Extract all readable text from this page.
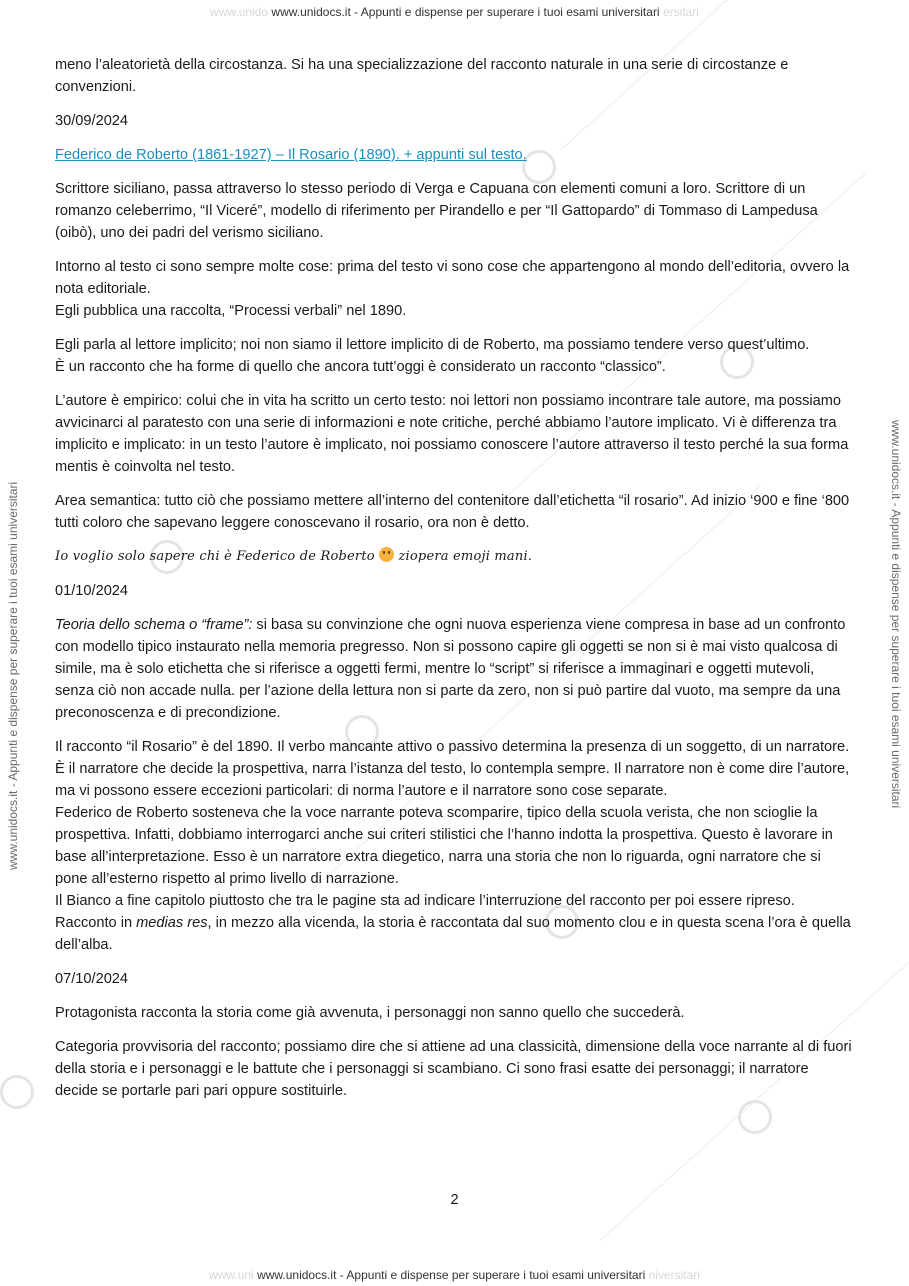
www.unido www.unidocs.it - Appunti e dispense per superare i tuoi esami universitari ersitari
www.unidocs.it - Appunti e dispense per superare i tuoi esami universitari	www.unidocs.it - Appunti e dispense per superare i tuoi esami universitari

meno l’aleatorietà della circostanza. Si ha una specializzazione del racconto naturale in una serie di circostanze e convenzioni.

30/09/2024

Federico de Roberto (1861-1927) – Il Rosario (1890). + appunti sul testo.

Scrittore siciliano, passa attraverso lo stesso periodo di Verga e Capuana con elementi comuni a loro. Scrittore di un romanzo celeberrimo, “Il Viceré”, modello di riferimento per Pirandello e per “Il Gattopardo” di Tommaso di Lampedusa (oibò), uno dei padri del verismo siciliano.

Intorno al testo ci sono sempre molte cose: prima del testo vi sono cose che appartengono al mondo dell’editoria, ovvero la nota editoriale.
Egli pubblica una raccolta, “Processi verbali” nel 1890.

Egli parla al lettore implicito; noi non siamo il lettore implicito di de Roberto, ma possiamo tendere verso quest’ultimo.
È un racconto che ha forme di quello che ancora tutt’oggi è considerato un racconto “classico”.

L’autore è empirico: colui che in vita ha scritto un certo testo: noi lettori non possiamo incontrare tale autore, ma possiamo avvicinarci al paratesto con una serie di informazioni e note critiche, perché abbiamo l’autore implicato. Vi è differenza tra implicito e implicato: in un testo l’autore è implicato, noi possiamo conoscere l’autore attraverso il testo perché la sua forma mentis è coinvolta nel testo.

Area semantica: tutto ciò che possiamo mettere all’interno del contenitore dall’etichetta “il rosario”. Ad inizio ‘900 e fine ‘800 tutti coloro che sapevano leggere conoscevano il rosario, ora non è detto.

Io voglio solo sapere chi è Federico de Roberto ziopera emoji mani.

01/10/2024

Teoria dello schema o “frame”: si basa su convinzione che ogni nuova esperienza viene compresa in base ad un confronto con modello tipico instaurato nella memoria pregresso. Non si possono capire gli oggetti se non si è mai visto qualcosa di simile, ma è solo etichetta che si riferisce a oggetti fermi, mentre lo “script” si riferisce a immaginari e oggetti mutevoli, senza ciò non accade nulla. per l’azione della lettura non si parte da zero, non si può partire dal vuoto, ma sempre da una preconoscenza e di precondizione.

Il racconto “il Rosario” è del 1890. Il verbo mancante attivo o passivo determina la presenza di un soggetto, di un narratore. È il narratore che decide la prospettiva, narra l’istanza del testo, lo contempla sempre. Il narratore non è come dire l’autore, ma vi possono essere eccezioni particolari: di norma l’autore e il narratore sono cose separate.
Federico de Roberto sosteneva che la voce narrante poteva scomparire, tipico della scuola verista, che non scioglie la prospettiva. Infatti, dobbiamo interrogarci anche sui criteri stilistici che l’hanno indotta la prospettiva. Questo è lavorare in base all’interpretazione. Esso è un narratore extra diegetico, narra una storia che non lo riguarda, ogni narratore che si pone all’esterno rispetto al primo livello di narrazione.
Il Bianco a fine capitolo piuttosto che tra le pagine sta ad indicare l’interruzione del racconto per poi essere ripreso.
Racconto in medias res, in mezzo alla vicenda, la storia è raccontata dal suo momento clou e in questa scena l’ora è quella dell’alba.

07/10/2024

Protagonista racconta la storia come già avvenuta, i personaggi non sanno quello che succederà.

Categoria provvisoria del racconto; possiamo dire che si attiene ad una classicità, dimensione della voce narrante al di fuori della storia e i personaggi e le battute che i personaggi si scambiano. Ci sono frasi esatte dei personaggi; il narratore decide se portarle pari pari oppure sostituirle.

2
www.uni www.unidocs.it - Appunti e dispense per superare i tuoi esami universitari niversitari
